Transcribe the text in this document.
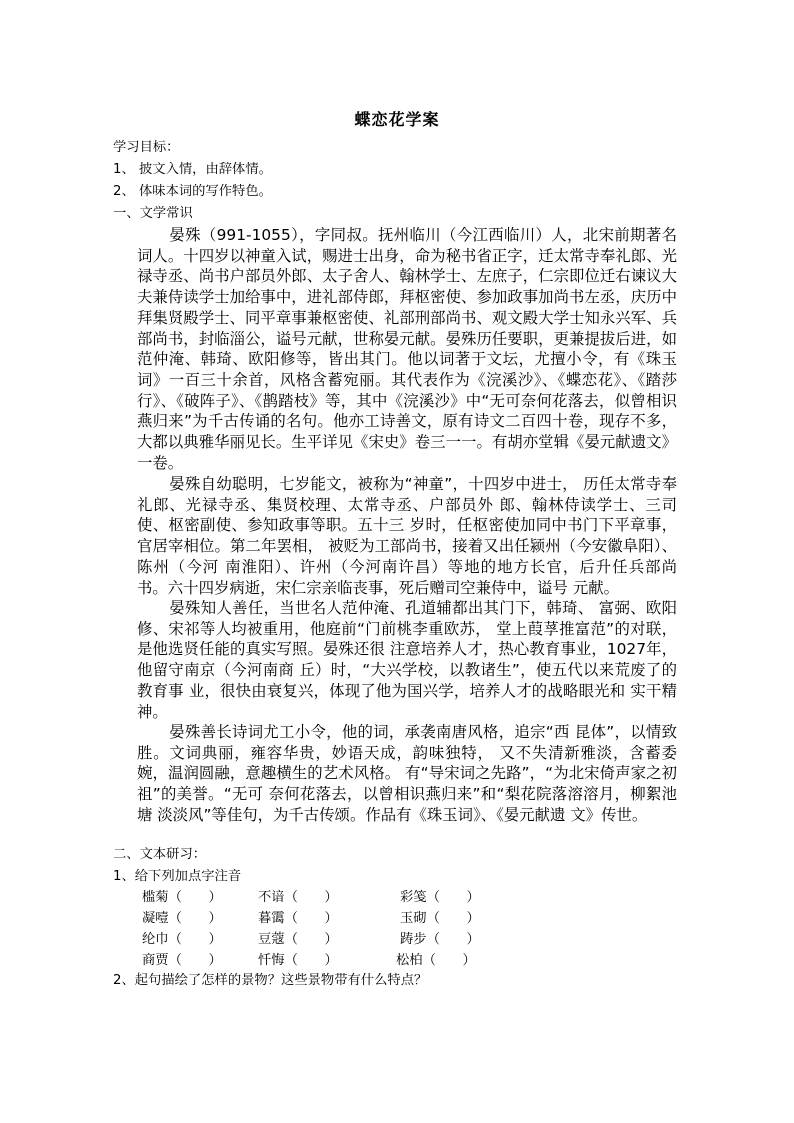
蝶恋花学案
学习目标：
1、 披文入情，由辞体情。
2、 体味本词的写作特色。
一、文学常识
晏殊（991-1055），字同叔。抚州临川（今江西临川）人，北宋前期著名词人。十四岁以神童入试，赐进士出身，命为秘书省正字，迁太常寺奉礼郎、光禄寺丞、尚书户部员外郎、太子舍人、翰林学士、左庶子，仁宗即位迁右谏议大夫兼侍读学士加给事中，进礼部侍郎，拜枢密使、参加政事加尚书左丞，庆历中拜集贤殿学士、同平章事兼枢密使、礼部刑部尚书、观文殿大学士知永兴军、兵部尚书，封临淄公，谥号元献，世称晏元献。晏殊历任要职，更兼提拔后进，如范仲淹、韩琦、欧阳修等，皆出其门。他以词著于文坛，尤擅小令，有《珠玉词》一百三十余首，风格含蓄宛丽。其代表作为《浣溪沙》、《蝶恋花》、《踏莎行》、《破阵子》、《鹊踏枝》等，其中《浣溪沙》中“无可奈何花落去，似曾相识燕归来”为千古传诵的名句。他亦工诗善文，原有诗文二百四十卷，现存不多，大都以典雅华丽见长。生平详见《宋史》卷三一一。有胡亦堂辑《晏元献遗文》一卷。
晏殊自幼聪明，七岁能文，被称为“神童”，十四岁中进士， 历任太常寺奉礼郎、光禄寺丞、集贤校理、太常寺丞、户部员外 郎、翰林侍读学士、三司使、枢密副使、参知政事等职。五十三 岁时，任枢密使加同中书门下平章事，官居宰相位。第二年罢相， 被贬为工部尚书，接着又出任颍州（今安徽阜阳）、陈州（今河 南淮阳）、许州（今河南许昌）等地的地方长官，后升任兵部尚 书。六十四岁病逝，宋仁宗亲临丧事，死后赠司空兼侍中，谥号 元献。
晏殊知人善任，当世名人范仲淹、孔道辅都出其门下，韩琦、 富弼、欧阳修、宋祁等人均被重用，他庭前“门前桃李重欧苏， 堂上葭莩推富范”的对联，是他选贤任能的真实写照。晏殊还很 注意培养人才，热心教育事业，1027年，他留守南京（今河南商 丘）时，“大兴学校，以教诸生”，使五代以来荒废了的教育事 业，很快由衰复兴，体现了他为国兴学，培养人才的战略眼光和 实干精神。
晏殊善长诗词尤工小令，他的词，承袭南唐风格，追宗“西 昆体”，以情致胜。文词典丽，雍容华贵，妙语天成，韵味独特， 又不失清新雅淡，含蓄委婉，温润圆融，意趣横生的艺术风格。 有“导宋词之先路”，“为北宋倚声家之初祖”的美誉。“无可 奈何花落去，以曾相识燕归来”和“梨花院落溶溶月，柳絮池塘 淡淡风”等佳句，为千古传颂。作品有《珠玉词》、《晏元献遗 文》传世。
二、文本研习：
1、给下列加点字注音
槛菊（　　）	不谙（　　）	彩笺（　　）
凝噎（　　）	暮霭（　　）	玉砌（　　）
纶巾（　　）	豆蔻（　　）	踌步（　　）
商贾（　　）	忏悔（　　）	松柏（　　）
2、起句描绘了怎样的景物？这些景物带有什么特点？
